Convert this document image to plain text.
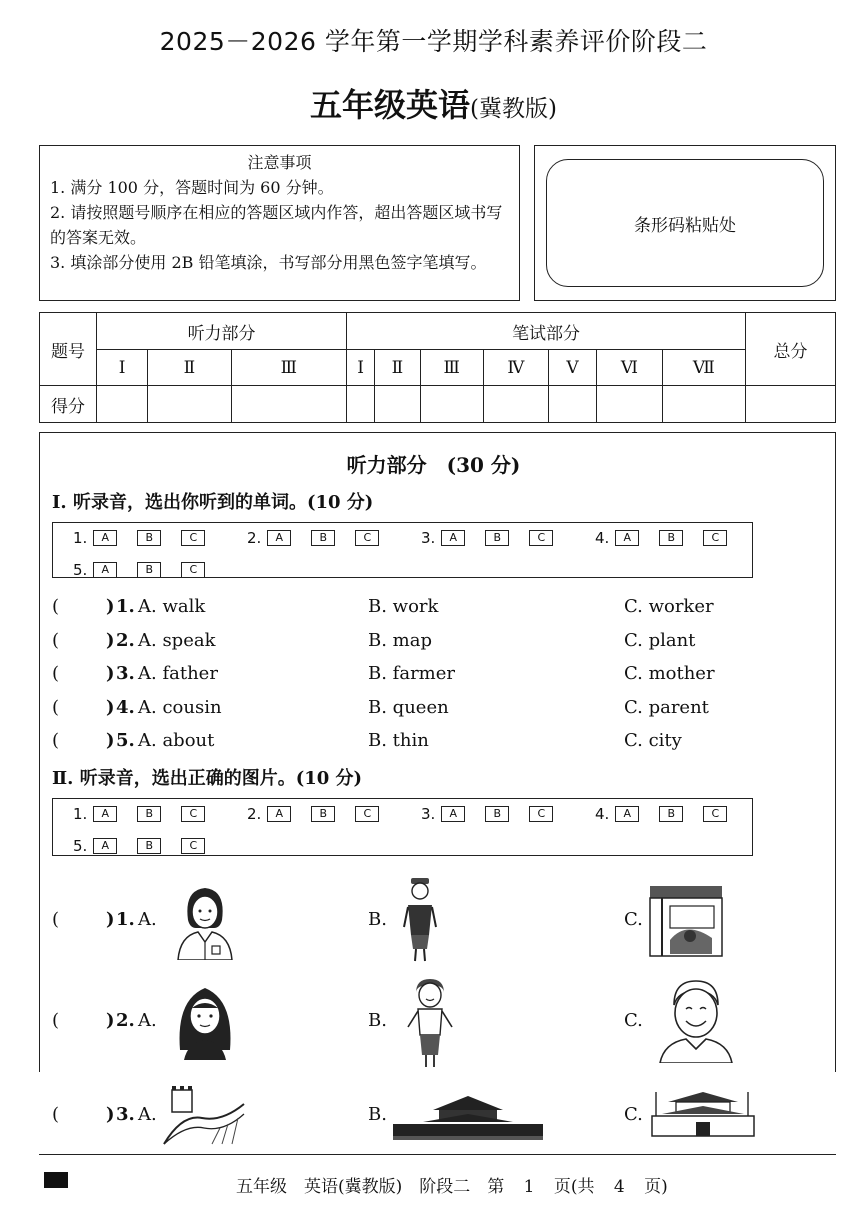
2025－2026 学年第一学期学科素养评价阶段二
五年级英语(冀教版)
注意事项
1. 满分 100 分，答题时间为 60 分钟。
2. 请按照题号顺序在相应的答题区域内作答，超出答题区域书写的答案无效。
3. 填涂部分使用 2B 铅笔填涂，书写部分用黑色签字笔填写。
条形码粘贴处
题号	听力部分			笔试部分							总分
	Ⅰ	Ⅱ	Ⅲ	Ⅰ	Ⅱ	Ⅲ	Ⅳ	Ⅴ	Ⅵ	Ⅶ	
得分											
听力部分　(30 分)
Ⅰ. 听录音，选出你听到的单词。(10 分)
1.	A	B	C	2.	A	B	C	3.	A	B	C	4.	A	B	C
5.	A	B	C
(	) 1. A. walk	B. work	C. worker
(	) 2. A. speak	B. map	C. plant
(	) 3. A. father	B. farmer	C. mother
(	) 4. A. cousin	B. queen	C. parent
(	) 5. A. about	B. thin	C. city
Ⅱ. 听录音，选出正确的图片。(10 分)
1.	A	B	C	2.	A	B	C	3.	A	B	C	4.	A	B	C
5.	A	B	C
(	) 1. A.	B.	C.
(	) 2. A.	B.	C.
(	) 3. A.	B.	C.
五年级　英语(冀教版)　阶段二　第 1 页(共 4 页)
